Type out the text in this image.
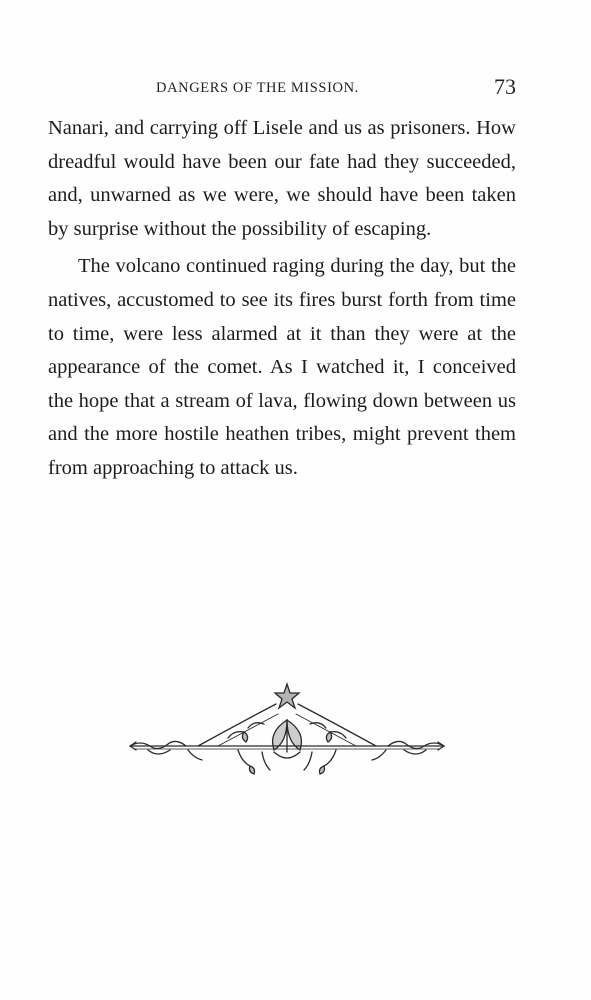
DANGERS OF THE MISSION.	73

Nanari, and carrying off Lisele and us as prisoners. How dreadful would have been our fate had they succeeded, and, unwarned as we were, we should have been taken by surprise without the possibility of escaping.

The volcano continued raging during the day, but the natives, accustomed to see its fires burst forth from time to time, were less alarmed at it than they were at the appearance of the comet. As I watched it, I conceived the hope that a stream of lava, flowing down between us and the more hostile heathen tribes, might prevent them from approaching to attack us.
